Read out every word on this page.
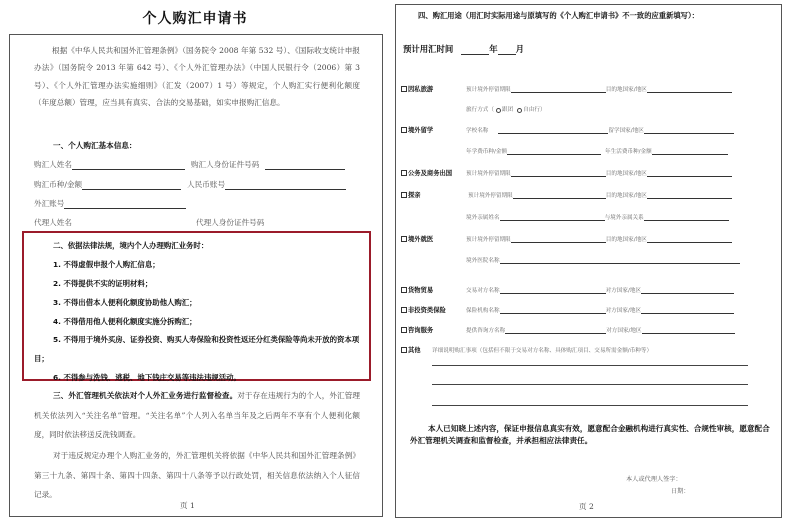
个人购汇申请书
根据《中华人民共和国外汇管理条例》（国务院令 2008 年第 532 号）、《国际收支统计申报办法》（国务院令 2013 年第 642 号）、《个人外汇管理办法》（中国人民银行令（2006）第 3 号）、《个人外汇管理办法实施细则》（汇发（2007）1 号）等规定，个人购汇实行便利化额度（年度总额）管理，应当具有真实、合法的交易基础，如实申报购汇信息。
一、个人购汇基本信息：
购汇人姓名	购汇人身份证件号码
购汇币种/金额	人民币账号
外汇账号
代理人姓名	代理人身份证件号码
二、依据法律法规，境内个人办理购汇业务时：
1. 不得虚假申报个人购汇信息；
2. 不得提供不实的证明材料；
3. 不得出借本人便利化额度协助他人购汇；
4. 不得借用他人便利化额度实施分拆购汇；
5. 不得用于境外买房、证券投资、购买人寿保险和投资性返还分红类保险等尚未开放的资本项目；
6. 不得参与洗钱、逃税、地下钱庄交易等违法违规活动。
三、外汇管理机关依法对个人外汇业务进行监督检查。对于存在违规行为的个人，外汇管理机关依法列入“关注名单”管理。“关注名单”个人列入名单当年及之后两年不享有个人便利化额度，同时依法移送反洗钱调查。
对于违反规定办理个人购汇业务的，外汇管理机关将依据《中华人民共和国外汇管理条例》第三十九条、第四十条、第四十四条、第四十八条等予以行政处罚，相关信息依法纳入个人征信记录。
页 1
四、购汇用途（用汇时实际用途与原填写的《个人购汇申请书》不一致的应重新填写）：
预计用汇时间	年 月
因私旅游	预计境外停留期限	目的地国家/地区
旅行方式（ 跟团 自由行）
境外留学	学校名称	留学国家/地区
年学费币种/金额	年生活费币种/金额
公务及商务出国 预计境外停留期限	目的地国家/地区
探亲	预计境外停留期限	目的地国家/地区
境外亲属姓名	与境外亲属关系
境外就医	预计境外停留期限	目的地国家/地区
境外医院名称
货物贸易	交易对方名称	对方国家/地区
非投资类保险	保险机构名称	对方国家/地区
咨询服务	提供咨询方名称	对方国家/地区
其他 详细说明购汇事项（包括但不限于交易对方名称、具体购汇项目、交易所需金额/币种等）
本人已知晓上述内容，保证申报信息真实有效，愿意配合金融机构进行真实性、合规性审核，愿意配合外汇管理机关调查和监督检查，并承担相应法律责任。
本人或代理人签字：
日期：
页 2
